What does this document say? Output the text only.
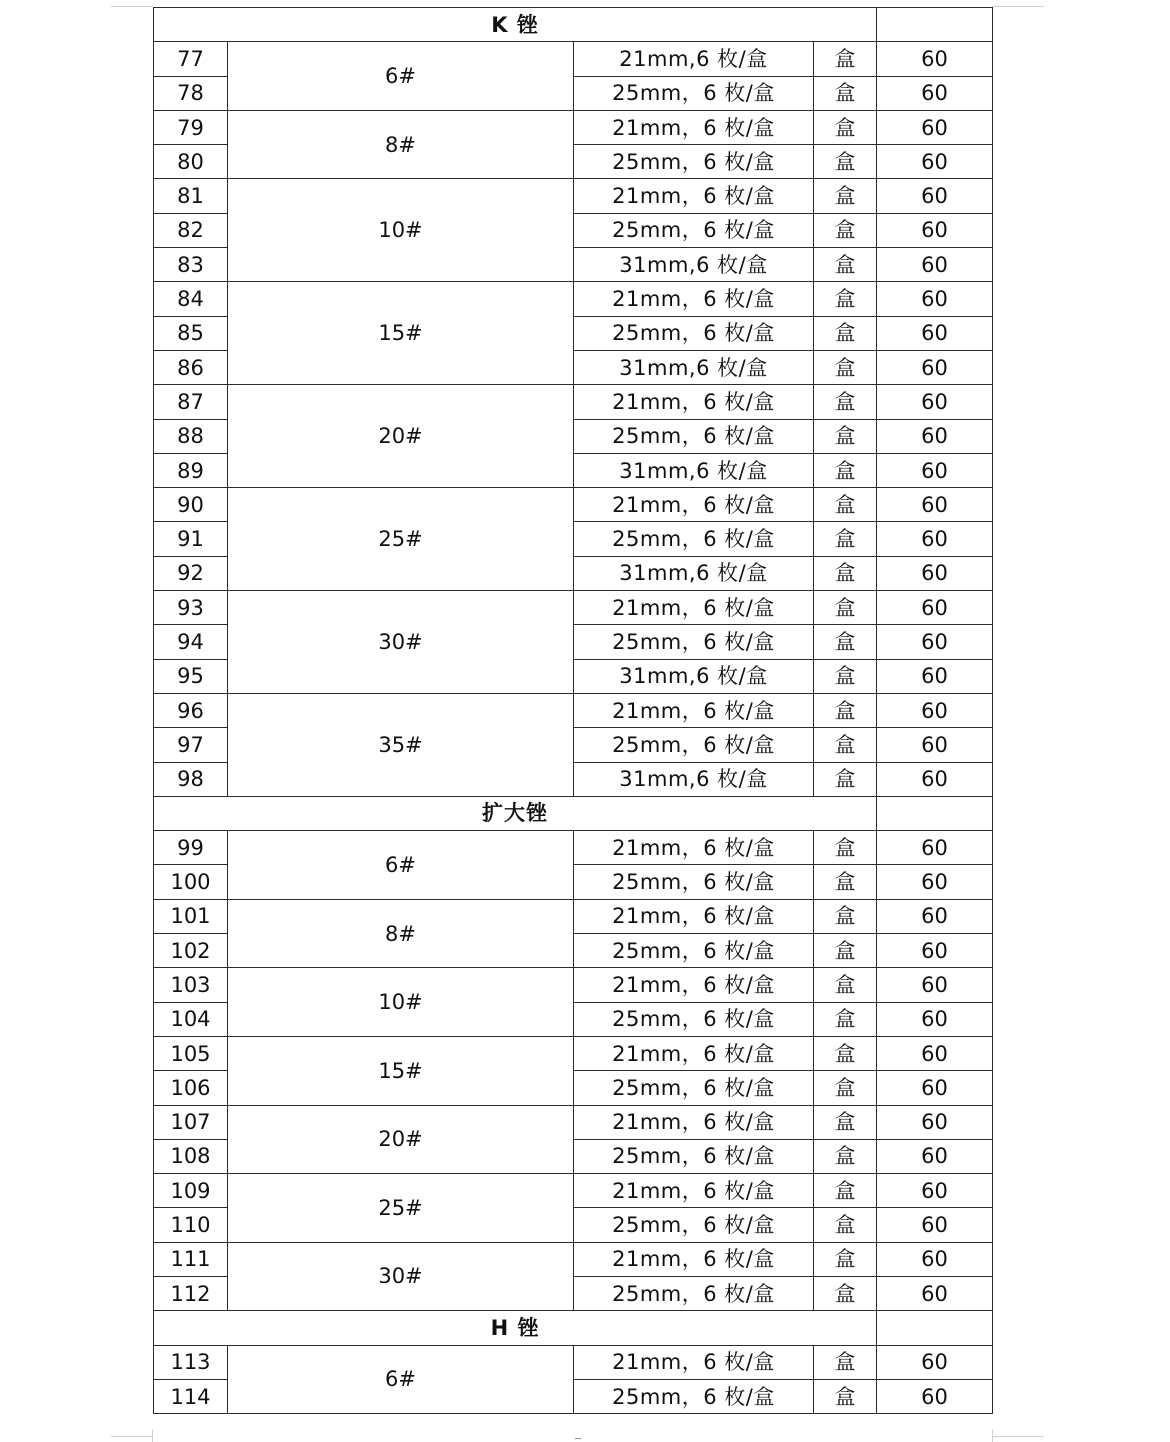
K 锉				
77	6#	21mm,6 枚/盒	盒	60
78		25mm，6 枚/盒	盒	60
79	8#	21mm，6 枚/盒	盒	60
80		25mm，6 枚/盒	盒	60
81	10#	21mm，6 枚/盒	盒	60
82		25mm，6 枚/盒	盒	60
83		31mm,6 枚/盒	盒	60
84	15#	21mm，6 枚/盒	盒	60
85		25mm，6 枚/盒	盒	60
86		31mm,6 枚/盒	盒	60
87	20#	21mm，6 枚/盒	盒	60
88		25mm，6 枚/盒	盒	60
89		31mm,6 枚/盒	盒	60
90	25#	21mm，6 枚/盒	盒	60
91		25mm，6 枚/盒	盒	60
92		31mm,6 枚/盒	盒	60
93	30#	21mm，6 枚/盒	盒	60
94		25mm，6 枚/盒	盒	60
95		31mm,6 枚/盒	盒	60
96	35#	21mm，6 枚/盒	盒	60
97		25mm，6 枚/盒	盒	60
98		31mm,6 枚/盒	盒	60
扩大锉				
99	6#	21mm，6 枚/盒	盒	60
100		25mm，6 枚/盒	盒	60
101	8#	21mm，6 枚/盒	盒	60
102		25mm，6 枚/盒	盒	60
103	10#	21mm，6 枚/盒	盒	60
104		25mm，6 枚/盒	盒	60
105	15#	21mm，6 枚/盒	盒	60
106		25mm，6 枚/盒	盒	60
107	20#	21mm，6 枚/盒	盒	60
108		25mm，6 枚/盒	盒	60
109	25#	21mm，6 枚/盒	盒	60
110		25mm，6 枚/盒	盒	60
111	30#	21mm，6 枚/盒	盒	60
112		25mm，6 枚/盒	盒	60
H 锉				
113	6#	21mm，6 枚/盒	盒	60
114		25mm，6 枚/盒	盒	60
